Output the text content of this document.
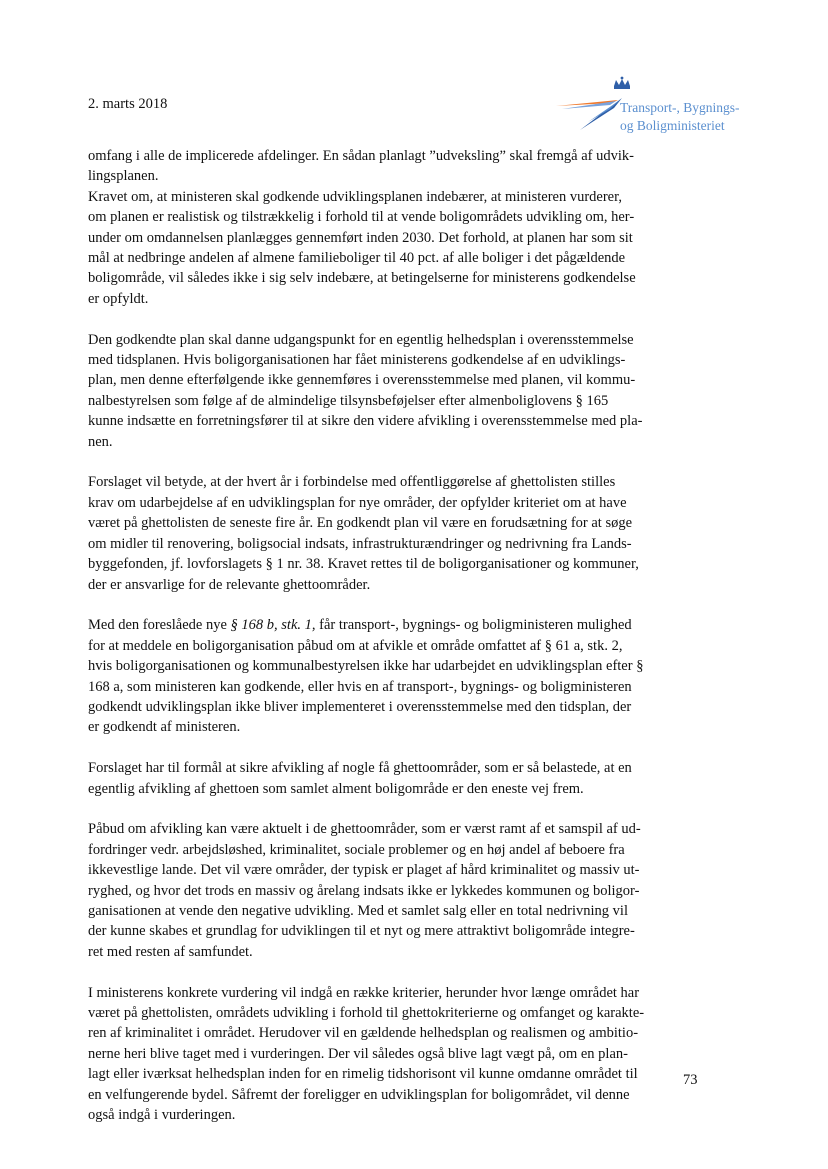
2. marts 2018	Transport-, Bygnings-
og Boligministeriet

omfang i alle de implicerede afdelinger. En sådan planlagt ”udveksling” skal fremgå af udvik-
lingsplanen.
Kravet om, at ministeren skal godkende udviklingsplanen indebærer, at ministeren vurderer,
om planen er realistisk og tilstrækkelig i forhold til at vende boligområdets udvikling om, her-
under om omdannelsen planlægges gennemført inden 2030. Det forhold, at planen har som sit
mål at nedbringe andelen af almene familieboliger til 40 pct. af alle boliger i det pågældende
boligområde, vil således ikke i sig selv indebære, at betingelserne for ministerens godkendelse
er opfyldt.

Den godkendte plan skal danne udgangspunkt for en egentlig helhedsplan i overensstemmelse
med tidsplanen. Hvis boligorganisationen har fået ministerens godkendelse af en udviklings-
plan, men denne efterfølgende ikke gennemføres i overensstemmelse med planen, vil kommu-
nalbestyrelsen som følge af de almindelige tilsynsbeføjelser efter almenboliglovens § 165
kunne indsætte en forretningsfører til at sikre den videre afvikling i overensstemmelse med pla-
nen.

Forslaget vil betyde, at der hvert år i forbindelse med offentliggørelse af ghettolisten stilles
krav om udarbejdelse af en udviklingsplan for nye områder, der opfylder kriteriet om at have
været på ghettolisten de seneste fire år. En godkendt plan vil være en forudsætning for at søge
om midler til renovering, boligsocial indsats, infrastrukturændringer og nedrivning fra Lands-
byggefonden, jf. lovforslagets § 1 nr. 38. Kravet rettes til de boligorganisationer og kommuner,
der er ansvarlige for de relevante ghettoområder.

Med den foreslåede nye § 168 b, stk. 1, får transport-, bygnings- og boligministeren mulighed
for at meddele en boligorganisation påbud om at afvikle et område omfattet af § 61 a, stk. 2,
hvis boligorganisationen og kommunalbestyrelsen ikke har udarbejdet en udviklingsplan efter §
168 a, som ministeren kan godkende, eller hvis en af transport-, bygnings- og boligministeren
godkendt udviklingsplan ikke bliver implementeret i overensstemmelse med den tidsplan, der
er godkendt af ministeren.

Forslaget har til formål at sikre afvikling af nogle få ghettoområder, som er så belastede, at en
egentlig afvikling af ghettoen som samlet alment boligområde er den eneste vej frem.

Påbud om afvikling kan være aktuelt i de ghettoområder, som er værst ramt af et samspil af ud-
fordringer vedr. arbejdsløshed, kriminalitet, sociale problemer og en høj andel af beboere fra
ikkevestlige lande. Det vil være områder, der typisk er plaget af hård kriminalitet og massiv ut-
ryghed, og hvor det trods en massiv og årelang indsats ikke er lykkedes kommunen og boligor-
ganisationen at vende den negative udvikling. Med et samlet salg eller en total nedrivning vil
der kunne skabes et grundlag for udviklingen til et nyt og mere attraktivt boligområde integre-
ret med resten af samfundet.

I ministerens konkrete vurdering vil indgå en række kriterier, herunder hvor længe området har
været på ghettolisten, områdets udvikling i forhold til ghettokriterierne og omfanget og karakte-
ren af kriminalitet i området. Herudover vil en gældende helhedsplan og realismen og ambitio-
nerne heri blive taget med i vurderingen. Der vil således også blive lagt vægt på, om en plan-
lagt eller iværksat helhedsplan inden for en rimelig tidshorisont vil kunne omdanne området til
en velfungerende bydel. Såfremt der foreligger en udviklingsplan for boligområdet, vil denne
også indgå i vurderingen.

73
